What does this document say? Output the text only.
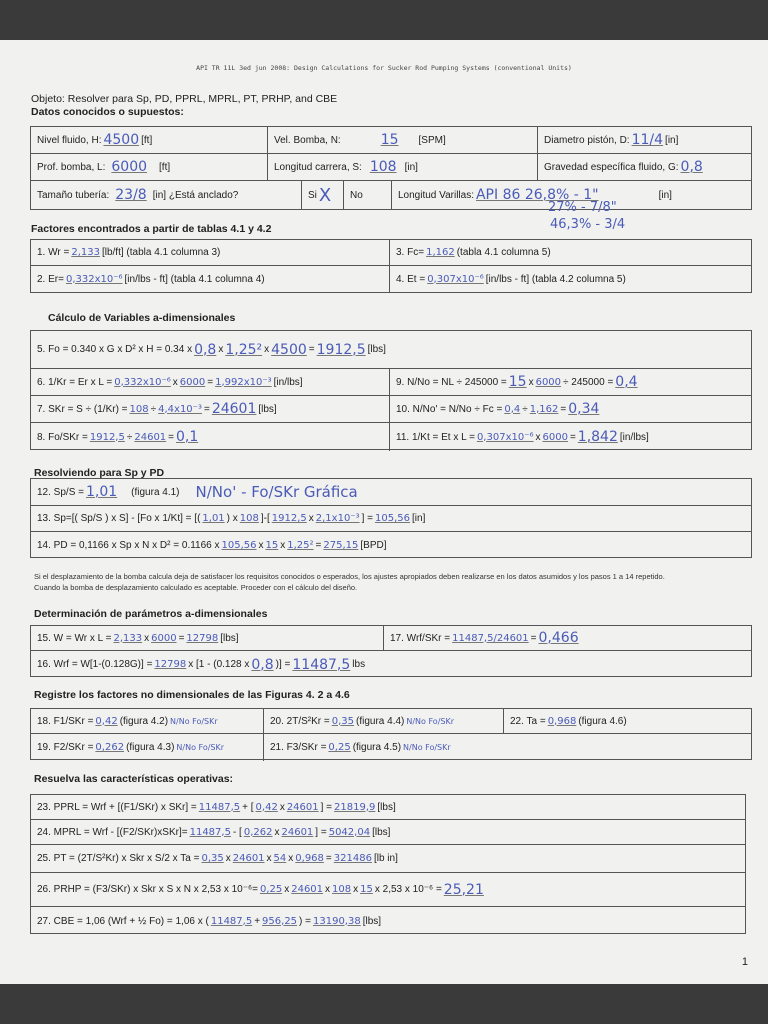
API TR 11L 3ed jun 2008: Design Calculations for Sucker Rod Pumping Systems (conventional Units)
Objeto: Resolver para Sp, PD, PPRL, MPRL, PT, PRHP, and CBE
Datos conocidos o supuestos:
Nivel fluido, H: 4500 [ft]	Vel. Bomba, N:	15 [SPM]	Diametro pistón, D: 11/4 [in]
Prof. bomba, L: 6000 [ft]	Longitud carrera, S: 108 [in]	Gravedad específica fluido, G: 0,8
Tamaño tubería: 23/8 [in] ¿Está anclado?	Si X No	Longitud Varillas: API 86 26,8% - 1"	[in]
27% - 7/8"
46,3% - 3/4
Factores encontrados a partir de tablas 4.1 y 4.2
1. Wr = 2,133 [lb/ft] (tabla 4.1 columna 3)	3. Fc= 1,162 (tabla 4.1 columna 5)
2. Er= 0,332x10⁻⁶ [in/lbs - ft] (tabla 4.1 columna 4)	4. Et = 0,307x10⁻⁶ [in/lbs - ft] (tabla 4.2 columna 5)
Cálculo de Variables a-dimensionales
5. Fo = 0.340 x G x D² x H = 0.34 x 0,8 x 1,25² x 4500 = 1912,5 [lbs]
6. 1/Kr = Er x L = 0,332x10⁻⁶ x 6000 = 1,992x10⁻³ [in/lbs]	9. N/No = NL ÷ 245000 = 15 x 6000 ÷ 245000 = 0,4
7. SKr = S ÷ (1/Kr) = 108 ÷ 4,4x10⁻³ = 24601 [lbs]	10. N/No' = N/No ÷ Fc = 0,4 ÷ 1,162 = 0,34
8. Fo/SKr = 1912,5 ÷ 24601 = 0,1	11. 1/Kt = Et x L = 0,307x10⁻⁶ x 6000 = 1,842 [in/lbs]
Resolviendo para Sp y PD
12. Sp/S = 1,01 (figura 4.1) N/No' - Fo/SKr Gráfica
13. Sp=[( Sp/S ) x S] - [Fo x 1/Kt] = [( 1,01 ) x 108 ]-[ 1912,5 x 2,1x10⁻³ ] = 105,56 [in]
14. PD = 0,1166 x Sp x N x D² = 0.1166 x 105,56 x 15 x 1,25² = 275,15 [BPD]
Si el desplazamiento de la bomba calcula deja de satisfacer los requisitos conocidos o esperados, los ajustes apropiados deben realizarse en los datos asumidos y los pasos 1 a 14 repetido.
Cuando la bomba de desplazamiento calculado es aceptable. Proceder con el cálculo del diseño.
Determinación de parámetros a-dimensionales
15. W = Wr x L = 2,133 x 6000 = 12798 [lbs]	17. Wrf/SKr = 11487,5/24601 = 0,466
16. Wrf = W[1-(0.128G)] = 12798 x [1 - (0.128 x 0,8 )] = 11487,5 lbs
Registre los factores no dimensionales de las Figuras 4. 2 a 4.6
18. F1/SKr = 0,42 (figura 4.2) N/No Fo/SKr	20. 2T/S²Kr = 0,35 (figura 4.4) N/No Fo/SKr	22. Ta = 0,968 (figura 4.6)
19. F2/SKr = 0,262 (figura 4.3) N/No Fo/SKr	21. F3/SKr = 0,25 (figura 4.5) N/No Fo/SKr
Resuelva las características operativas:
23. PPRL = Wrf + [(F1/SKr) x SKr] = 11487,5 + [ 0,42 x 24601 ] = 21819,9 [lbs]
24. MPRL = Wrf - [(F2/SKr)xSKr]= 11487,5 - [ 0,262 x 24601 ] = 5042,04 [lbs]
25. PT = (2T/S²Kr) x Skr x S/2 x Ta = 0,35 x 24601 x 54 x 0,968 = 321486 [lb in]
26. PRHP = (F3/SKr) x Skr x S x N x 2,53 x 10⁻⁶= 0,25 x 24601 x 108 x 15 x 2,53 x 10⁻⁶ = 25,21
27. CBE = 1,06 (Wrf + ½ Fo) = 1,06 x ( 11487,5 + 956,25 ) = 13190,38 [lbs]
1
